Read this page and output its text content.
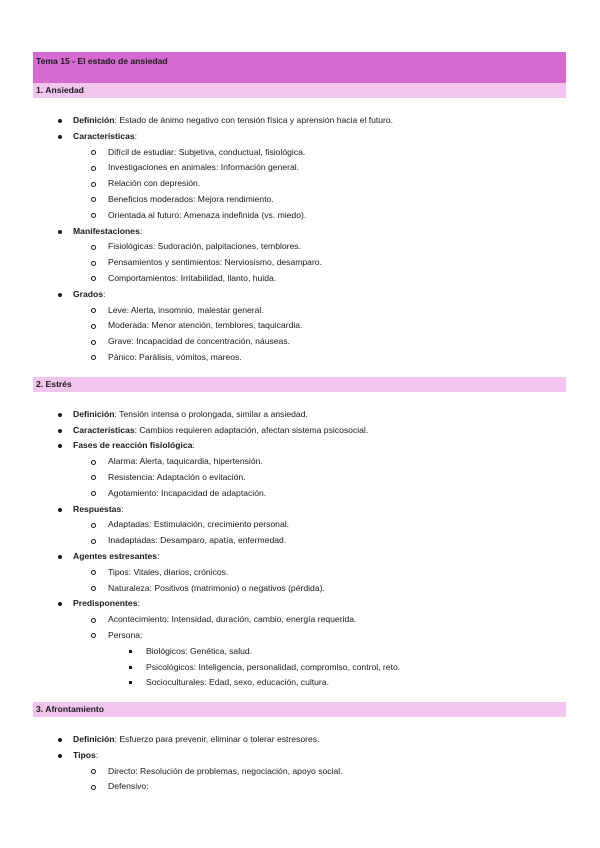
Tema 15 - El estado de ansiedad
1. Ansiedad
Definición: Estado de ánimo negativo con tensión física y aprensión hacia el futuro.
Características:
Difícil de estudiar: Subjetiva, conductual, fisiológica.
Investigaciones en animales: Información general.
Relación con depresión.
Beneficios moderados: Mejora rendimiento.
Orientada al futuro: Amenaza indefinida (vs. miedo).
Manifestaciones:
Fisiológicas: Sudoración, palpitaciones, temblores.
Pensamientos y sentimientos: Nerviosismo, desamparo.
Comportamientos: Irritabilidad, llanto, huida.
Grados:
Leve: Alerta, insomnio, malestar general.
Moderada: Menor atención, temblores, taquicardia.
Grave: Incapacidad de concentración, náuseas.
Pánico: Parálisis, vómitos, mareos.
2. Estrés
Definición: Tensión intensa o prolongada, similar a ansiedad.
Características: Cambios requieren adaptación, afectan sistema psicosocial.
Fases de reacción fisiológica:
Alarma: Alerta, taquicardia, hipertensión.
Resistencia: Adaptación o evitación.
Agotamiento: Incapacidad de adaptación.
Respuestas:
Adaptadas: Estimulación, crecimiento personal.
Inadaptadas: Desamparo, apatía, enfermedad.
Agentes estresantes:
Tipos: Vitales, diarios, crónicos.
Naturaleza: Positivos (matrimonio) o negativos (pérdida).
Predisponentes:
Acontecimiento: Intensidad, duración, cambio, energía requerida.
Persona:
Biológicos: Genética, salud.
Psicológicos: Inteligencia, personalidad, compromiso, control, reto.
Socioculturales: Edad, sexo, educación, cultura.
3. Afrontamiento
Definición: Esfuerzo para prevenir, eliminar o tolerar estresores.
Tipos:
Directo: Resolución de problemas, negociación, apoyo social.
Defensivo:
